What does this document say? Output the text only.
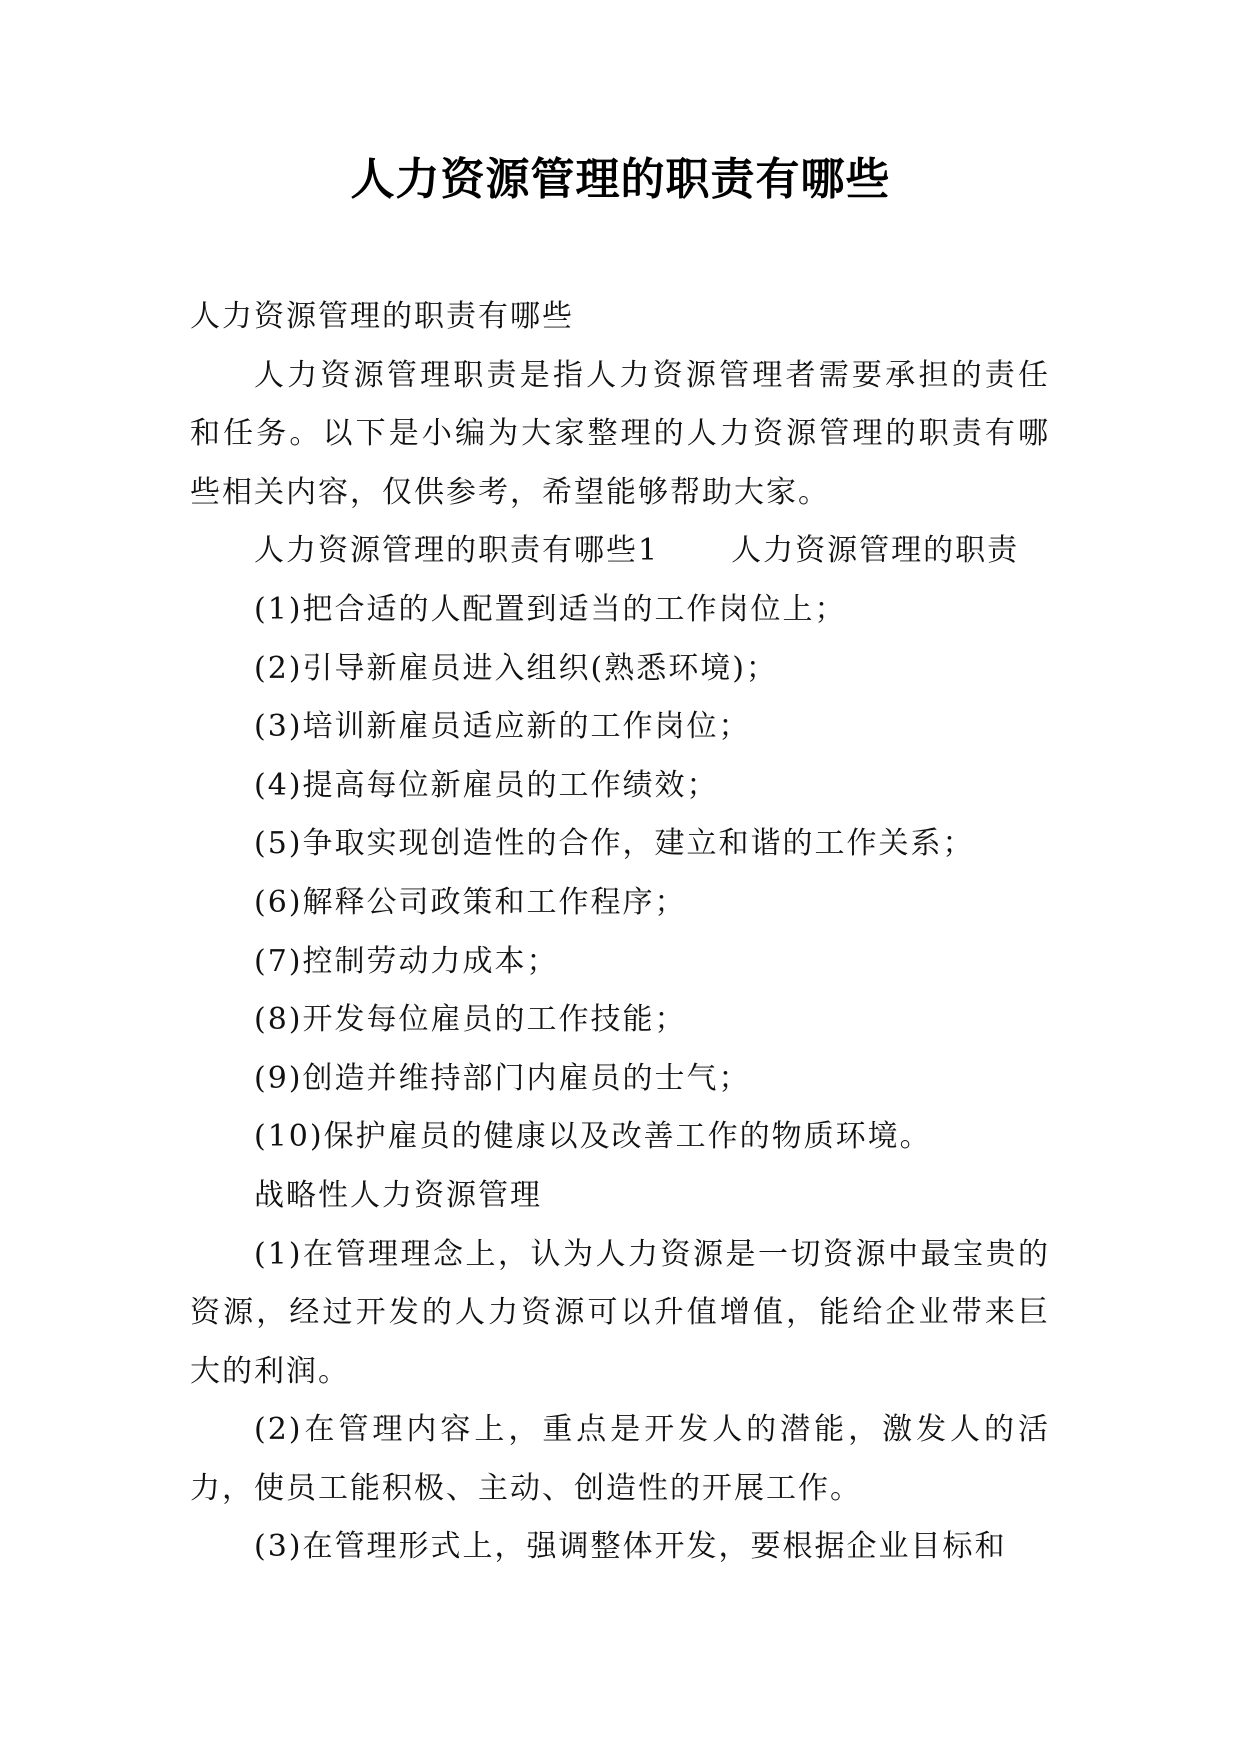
人力资源管理的职责有哪些

人力资源管理的职责有哪些

人力资源管理职责是指人力资源管理者需要承担的责任和任务。以下是小编为大家整理的人力资源管理的职责有哪些相关内容，仅供参考，希望能够帮助大家。

人力资源管理的职责有哪些1 人力资源管理的职责

(1)把合适的人配置到适当的工作岗位上；

(2)引导新雇员进入组织(熟悉环境)；

(3)培训新雇员适应新的工作岗位；

(4)提高每位新雇员的工作绩效；

(5)争取实现创造性的合作，建立和谐的工作关系；

(6)解释公司政策和工作程序；

(7)控制劳动力成本；

(8)开发每位雇员的工作技能；

(9)创造并维持部门内雇员的士气；

(10)保护雇员的健康以及改善工作的物质环境。

战略性人力资源管理

(1)在管理理念上，认为人力资源是一切资源中最宝贵的资源，经过开发的人力资源可以升值增值，能给企业带来巨大的利润。

(2)在管理内容上，重点是开发人的潜能，激发人的活力，使员工能积极、主动、创造性的开展工作。

(3)在管理形式上，强调整体开发，要根据企业目标和
